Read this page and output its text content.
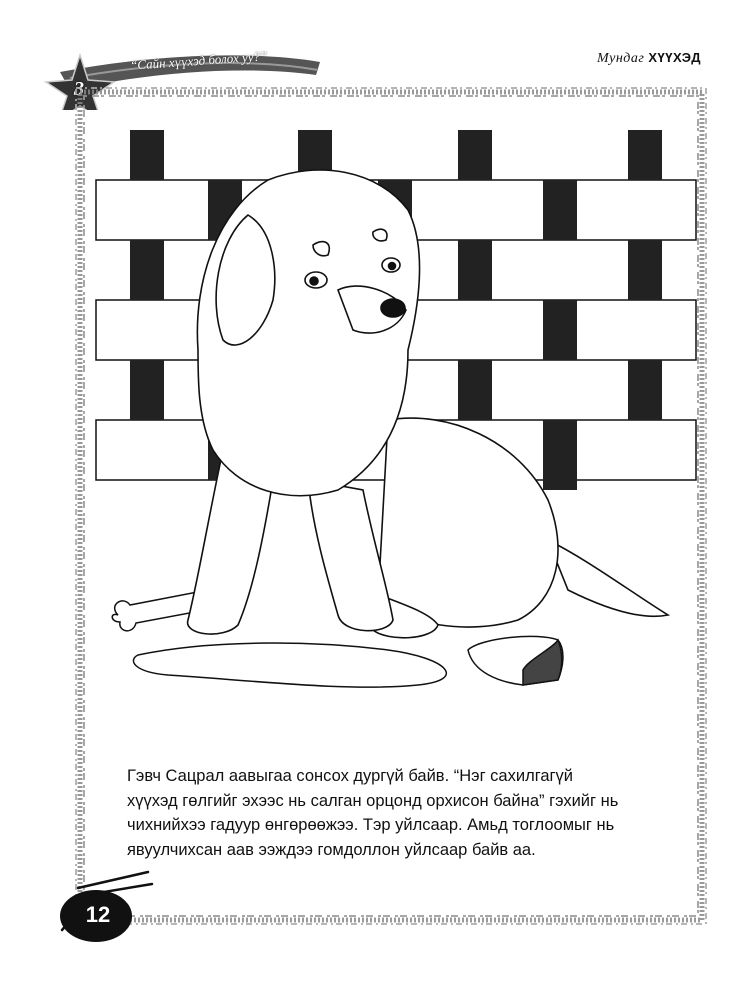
“Сайн хүүхэд болох уу?”
3
Мундаг ХҮҮХЭД

Гэвч Сацрал аавыгаа сонсох дургүй байв. “Нэг сахилгагүй

хүүхэд гөлгийг эхээс нь салган орцонд орхисон байна” гэхийг нь

чихнийхээ гадуур өнгөрөөжээ. Тэр уйлсаар. Амьд тоглоомыг нь

явуулчихсан аав ээждээ гомдоллон уйлсаар байв аа.

12
